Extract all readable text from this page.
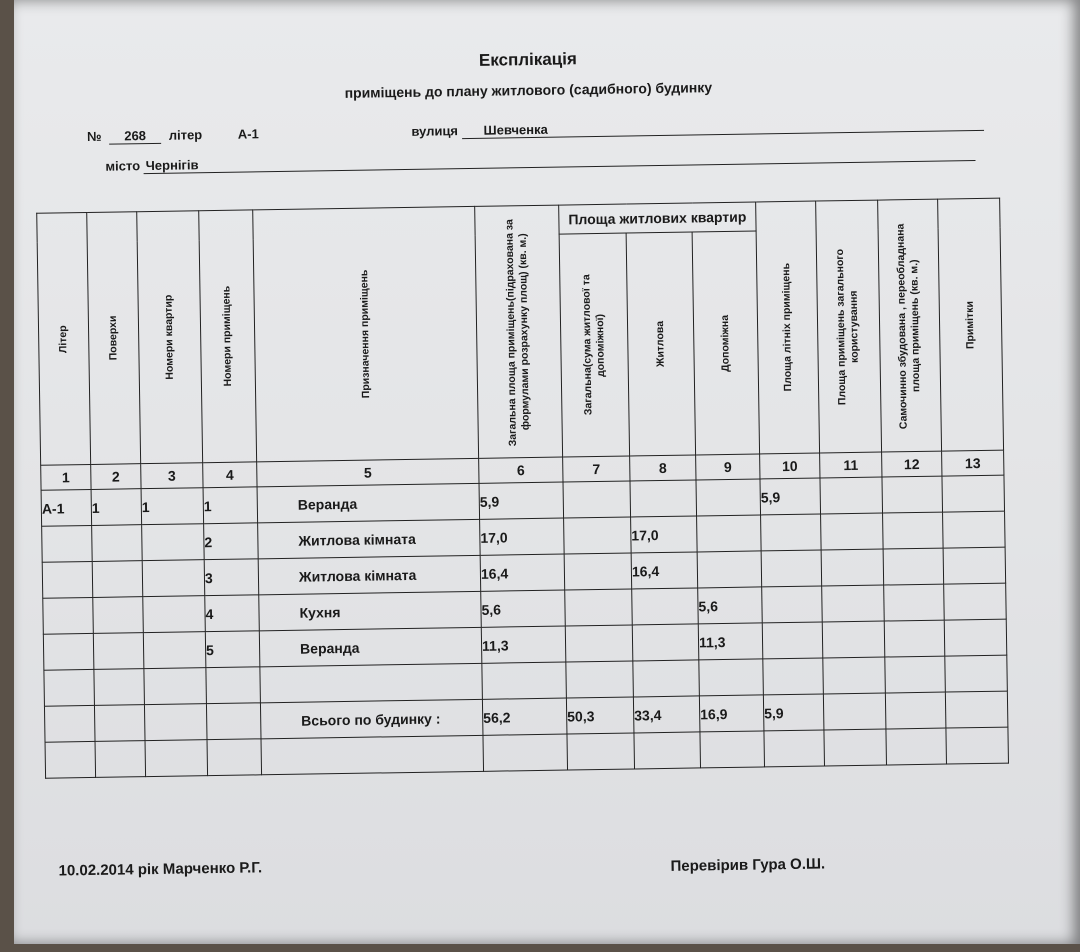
Експлікація
приміщень до плану житлового (садибного) будинку
№ 268 літер	А-1	вулиця Шевченка
місто Чернігів
Літер	Поверхи	Номери квартир	Номери приміщень	Призначення приміщень	Загальна площа приміщень(підрахована за формулами розрахунку площ) (кв. м.)	Площа житлових квартир			Площа літніх приміщень	Площа приміщень загального користування	Самочинно збудована , переобладнана площа приміщень (кв. м.)	Примітки

						Загальна(сума житлової та допоміжної)	Житлова	Допоміжна				

1	2	3	4	5	6	7	8	9	10	11	12	13
А-1	1	1	1	Веранда	5,9				5,9			
			2	Житлова кімната	17,0		17,0					
			3	Житлова кімната	16,4		16,4					
			4	Кухня	5,6			5,6				
			5	Веранда	11,3			11,3				

				Всього по будинку :	56,2	50,3	33,4	16,9	5,9			

10.02.2014 рік Марченко Р.Г.	Перевірив Гура О.Ш.
